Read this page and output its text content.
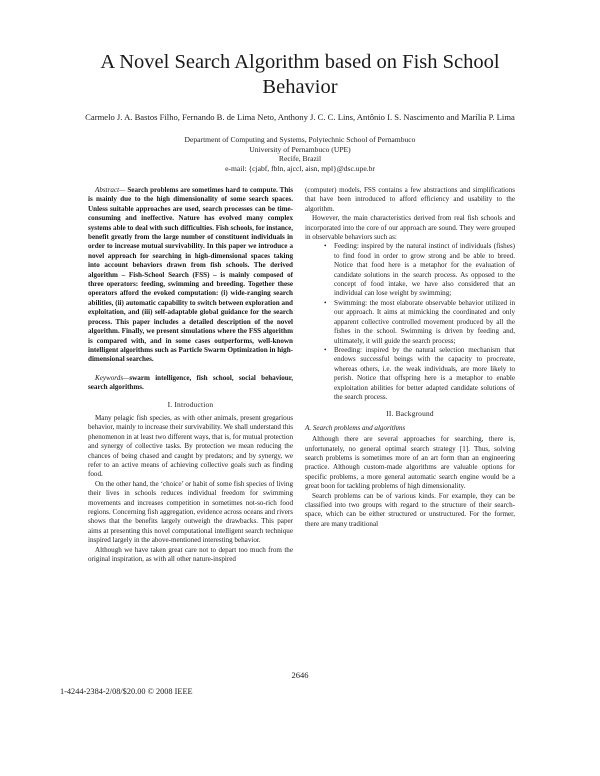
A Novel Search Algorithm based on Fish School
Behavior
Carmelo J. A. Bastos Filho, Fernando B. de Lima Neto, Anthony J. C. C. Lins, Antônio I. S. Nascimento and Marília P. Lima
Department of Computing and Systems, Polytechnic School of Pernambuco
University of Pernambuco (UPE)
Recife, Brazil
e-mail: {cjabf, fbln, ajccl, aisn, mpl}@dsc.upe.br

Abstract— Search problems are sometimes hard to compute. This is mainly due to the high dimensionality of some search spaces. Unless suitable approaches are used, search processes can be time-consuming and ineffective. Nature has evolved many complex systems able to deal with such difficulties. Fish schools, for instance, benefit greatly from the large number of constituent individuals in order to increase mutual survivability. In this paper we introduce a novel approach for searching in high-dimensional spaces taking into account behaviors drawn from fish schools. The derived algorithm – Fish-School Search (FSS) – is mainly composed of three operators: feeding, swimming and breeding. Together these operators afford the evoked computation: (i) wide-ranging search abilities, (ii) automatic capability to switch between exploration and exploitation, and (iii) self-adaptable global guidance for the search process. This paper includes a detailed description of the novel algorithm. Finally, we present simulations where the FSS algorithm is compared with, and in some cases outperforms, well-known intelligent algorithms such as Particle Swarm Optimization in high-dimensional searches.

Keywords—swarm intelligence, fish school, social behaviour, search algorithms.

I. Introduction

Many pelagic fish species, as with other animals, present gregarious behavior, mainly to increase their survivability. We shall understand this phenomenon in at least two different ways, that is, for mutual protection and synergy of collective tasks. By protection we mean reducing the chances of being chased and caught by predators; and by synergy, we refer to an active means of achieving collective goals such as finding food.

On the other hand, the ‘choice’ or habit of some fish species of living their lives in schools reduces individual freedom for swimming movements and increases competition in sometimes not-so-rich food regions. Concerning fish aggregation, evidence across oceans and rivers shows that the benefits largely outweigh the drawbacks. This paper aims at presenting this novel computational intelligent search technique inspired largely in the above-mentioned interesting behavior.

Although we have taken great care not to depart too much from the original inspiration, as with all other nature-inspired

(computer) models, FSS contains a few abstractions and simplifications that have been introduced to afford efficiency and usability to the algorithm.

However, the main characteristics derived from real fish schools and incorporated into the core of our approach are sound. They were grouped in observable behaviors such as:

• Feeding: inspired by the natural instinct of individuals (fishes) to find food in order to grow strong and be able to breed. Notice that food here is a metaphor for the evaluation of candidate solutions in the search process. As opposed to the concept of food intake, we have also considered that an individual can lose weight by swimming;
• Swimming: the most elaborate observable behavior utilized in our approach. It aims at mimicking the coordinated and only apparent collective controlled movement produced by all the fishes in the school. Swimming is driven by feeding and, ultimately, it will guide the search process;
• Breeding: inspired by the natural selection mechanism that endows successful beings with the capacity to procreate, whereas others, i.e. the weak individuals, are more likely to perish. Notice that offspring here is a metaphor to enable exploitation abilities for better adapted candidate solutions of the search process.
II. Background
A. Search problems and algorithms

Although there are several approaches for searching, there is, unfortunately, no general optimal search strategy [1]. Thus, solving search problems is sometimes more of an art form than an engineering practice. Although custom-made algorithms are valuable options for specific problems, a more general automatic search engine would be a great boon for tackling problems of high dimensionality.

Search problems can be of various kinds. For example, they can be classified into two groups with regard to the structure of their search-space, which can be either structured or unstructured. For the former, there are many traditional

2646
1-4244-2384-2/08/$20.00 © 2008 IEEE
